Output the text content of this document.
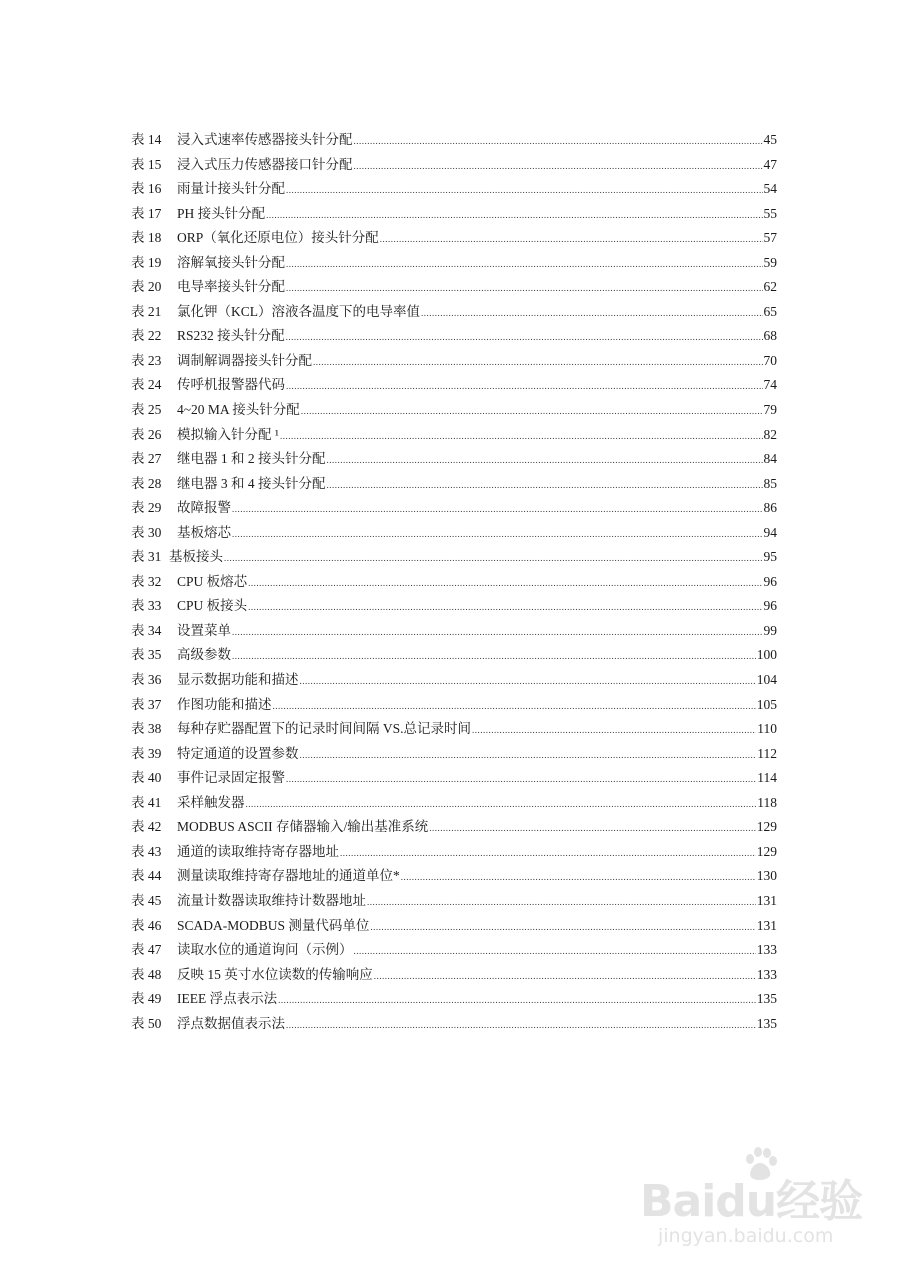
表 14	浸入式速率传感器接头针分配 .....	45
表 15	浸入式压力传感器接口针分配 .....	47
表 16	雨量计接头针分配 .....	54
表 17	PH 接头针分配 .....	55
表 18	ORP（氧化还原电位）接头针分配 .....	57
表 19	溶解氧接头针分配 .....	59
表 20	电导率接头针分配 .....	62
表 21	氯化钾（KCL）溶液各温度下的电导率值 .....	65
表 22	RS232 接头针分配 .....	68
表 23	调制解调器接头针分配 .....	70
表 24	传呼机报警器代码 .....	74
表 25	4~20 MA 接头针分配 .....	79
表 26	模拟输入针分配 ¹ .....	82
表 27	继电器 1 和 2 接头针分配 .....	84
表 28	继电器 3 和 4 接头针分配 .....	85
表 29	故障报警 .....	86
表 30	基板熔芯 .....	94
表 31 基板接头 .....	95
表 32	CPU 板熔芯 .....	96
表 33	CPU 板接头 .....	96
表 34	设置菜单 .....	99
表 35	高级参数 .....	100
表 36	显示数据功能和描述 .....	104
表 37	作图功能和描述 .....	105
表 38	每种存贮器配置下的记录时间间隔 VS.总记录时间 .....	110
表 39	特定通道的设置参数 .....	112
表 40	事件记录固定报警 .....	114
表 41	采样触发器 .....	118
表 42	MODBUS ASCII 存储器输入/输出基准系统 .....	129
表 43	通道的读取维持寄存器地址 .....	129
表 44	测量读取维持寄存器地址的通道单位* .....	130
表 45	流量计数器读取维持计数器地址 .....	131
表 46	SCADA-MODBUS 测量代码单位 .....	131
表 47	读取水位的通道询问（示例） .....	133
表 48	反映 15 英寸水位读数的传输响应 .....	133
表 49	IEEE 浮点表示法 .....	135
表 50	浮点数据值表示法 .....	135
Baidu经验
jingyan.baidu.com
